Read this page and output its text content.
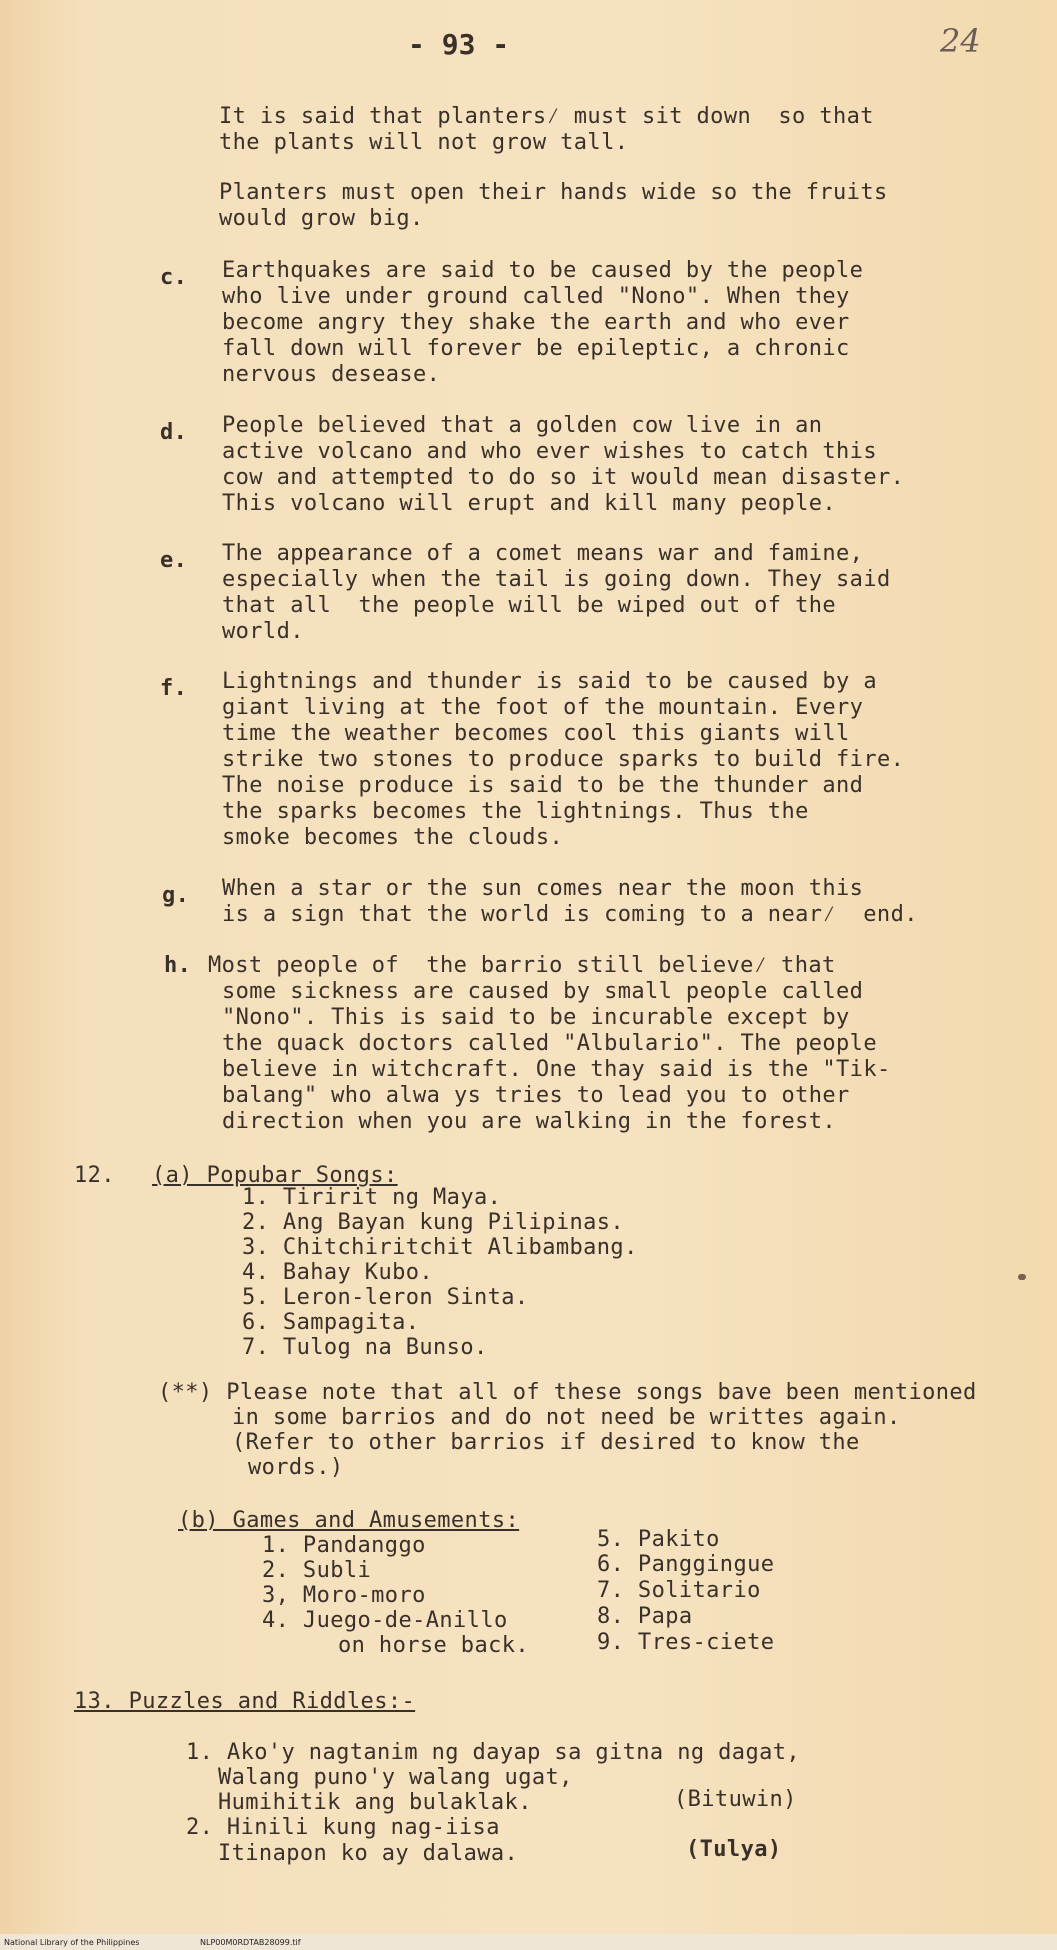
- 93 -	24
It is said that planters⁄ must sit down  so that
the plants will not grow tall.
Planters must open their hands wide so the fruits
would grow big.
c. Earthquakes are said to be caused by the people
who live under ground called "Nono". When they
become angry they shake the earth and who ever
fall down will forever be epileptic, a chronic
nervous desease.
d. People believed that a golden cow live in an
active volcano and who ever wishes to catch this
cow and attempted to do so it would mean disaster.
This volcano will erupt and kill many people.
e. The appearance of a comet means war and famine,
especially when the tail is going down. They said
that all  the people will be wiped out of the
world.
f. Lightnings and thunder is said to be caused by a
giant living at the foot of the mountain. Every
time the weather becomes cool this giants will
strike two stones to produce sparks to build fire.
The noise produce is said to be the thunder and
the sparks becomes the lightnings. Thus the
smoke becomes the clouds.
g. When a star or the sun comes near the moon this
is a sign that the world is coming to a near⁄  end.
h. Most people of  the barrio still believe⁄ that
some sickness are caused by small people called
"Nono". This is said to be incurable except by
the quack doctors called "Albulario". The people
believe in witchcraft. One thay said is the "Tik-
balang" who alwa ys tries to lead you to other
direction when you are walking in the forest.
12. (a) Popubar Songs:
1. Tiririt ng Maya.
2. Ang Bayan kung Pilipinas.
3. Chitchiritchit Alibambang.
4. Bahay Kubo.
5. Leron-leron Sinta.
6. Sampagita.
7. Tulog na Bunso.
(**) Please note that all of these songs bave been mentioned
in some barrios and do not need be writtes again.
(Refer to other barrios if desired to know the
words.)
(b) Games and Amusements:
1. Pandanggo
2. Subli
3, Moro-moro
4. Juego-de-Anillo
on horse back.
5. Pakito
6. Panggingue
7. Solitario
8. Papa
9. Tres-ciete
13. Puzzles and Riddles:-
1. Ako'y nagtanim ng dayap sa gitna ng dagat,
Walang puno'y walang ugat,
Humihitik ang bulaklak.	(Bituwin)
2. Hinili kung nag-iisa
Itinapon ko ay dalawa.	(Tulya)
National Library of the Philippines	NLP00M0RDTAB28099.tif
